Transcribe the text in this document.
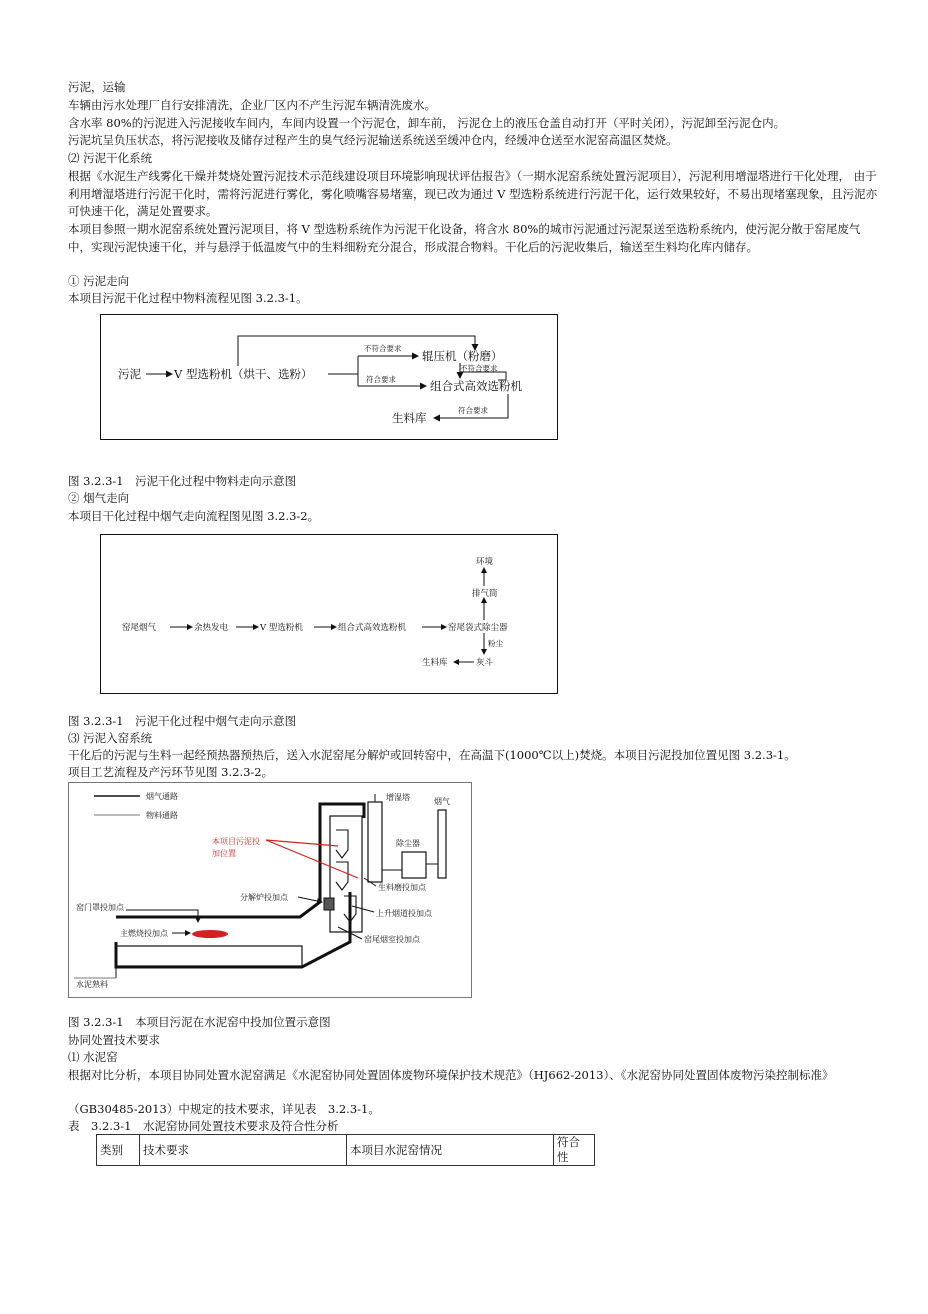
污泥，运输
车辆由污水处理厂自行安排清洗，企业厂区内不产生污泥车辆清洗废水。
含水率 80%的污泥进入污泥接收车间内，车间内设置一个污泥仓，卸车前， 污泥仓上的液压仓盖自动打开（平时关闭），污泥卸至污泥仓内。
污泥坑呈负压状态，将污泥接收及储存过程产生的臭气经污泥输送系统送至缓冲仓内，经缓冲仓送至水泥窑高温区焚烧。
⑵ 污泥干化系统
根据《水泥生产线雾化干燥并焚烧处置污泥技术示范线建设项目环境影响现状评估报告》（一期水泥窑系统处置污泥项目），污泥利用增湿塔进行干化处理， 由于利用增湿塔进行污泥干化时，需将污泥进行雾化，雾化喷嘴容易堵塞，现已改为通过 V 型选粉系统进行污泥干化，运行效果较好，不易出现堵塞现象，且污泥亦可快速干化，满足处置要求。
本项目参照一期水泥窑系统处置污泥项目，将 V 型选粉系统作为污泥干化设备，将含水 80%的城市污泥通过污泥泵送至选粉系统内，使污泥分散于窑尾废气中，实现污泥快速干化，并与悬浮于低温废气中的生料细粉充分混合，形成混合物料。干化后的污泥收集后，输送至生料均化库内储存。
① 污泥走向
本项目污泥干化过程中物料流程见图 3.2.3-1。
污泥	V 型选粉机（烘干、选粉）
不符合要求
辊压机（粉磨）
符合要求	组合式高效选粉机
不符合要求
符合要求
生料库
图 3.2.3-1　污泥干化过程中物料走向示意图
② 烟气走向
本项目干化过程中烟气走向流程图见图 3.2.3-2。
窑尾烟气	余热发电	V 型选粉机	组合式高效选粉机	窑尾袋式除尘器
排气筒
环境
粉尘
灰斗
生料库
图 3.2.3-1　污泥干化过程中烟气走向示意图
⑶ 污泥入窑系统
干化后的污泥与生料一起经预热器预热后，送入水泥窑尾分解炉或回转窑中，在高温下(1000℃以上)焚烧。本项目污泥投加位置见图 3.2.3-1。
项目工艺流程及产污环节见图 3.2.3-2。
烟气通路
物料通路
增湿塔
除尘器
烟气
本项目污泥投加位置
生料磨投加点
分解炉投加点
上升烟道投加点
窑门罩投加点
主燃烧投加点
窑尾烟室投加点
水泥熟料
图 3.2.3-1　本项目污泥在水泥窑中投加位置示意图
协同处置技术要求
⑴ 水泥窑
根据对比分析，本项目协同处置水泥窑满足《水泥窑协同处置固体废物环境保护技术规范》（HJ662-2013）、《水泥窑协同处置固体废物污染控制标准》
（GB30485-2013）中规定的技术要求，详见表　3.2.3-1。
表　3.2.3-1　水泥窑协同处置技术要求及符合性分析
类别	技术要求	本项目水泥窑情况	符合性
